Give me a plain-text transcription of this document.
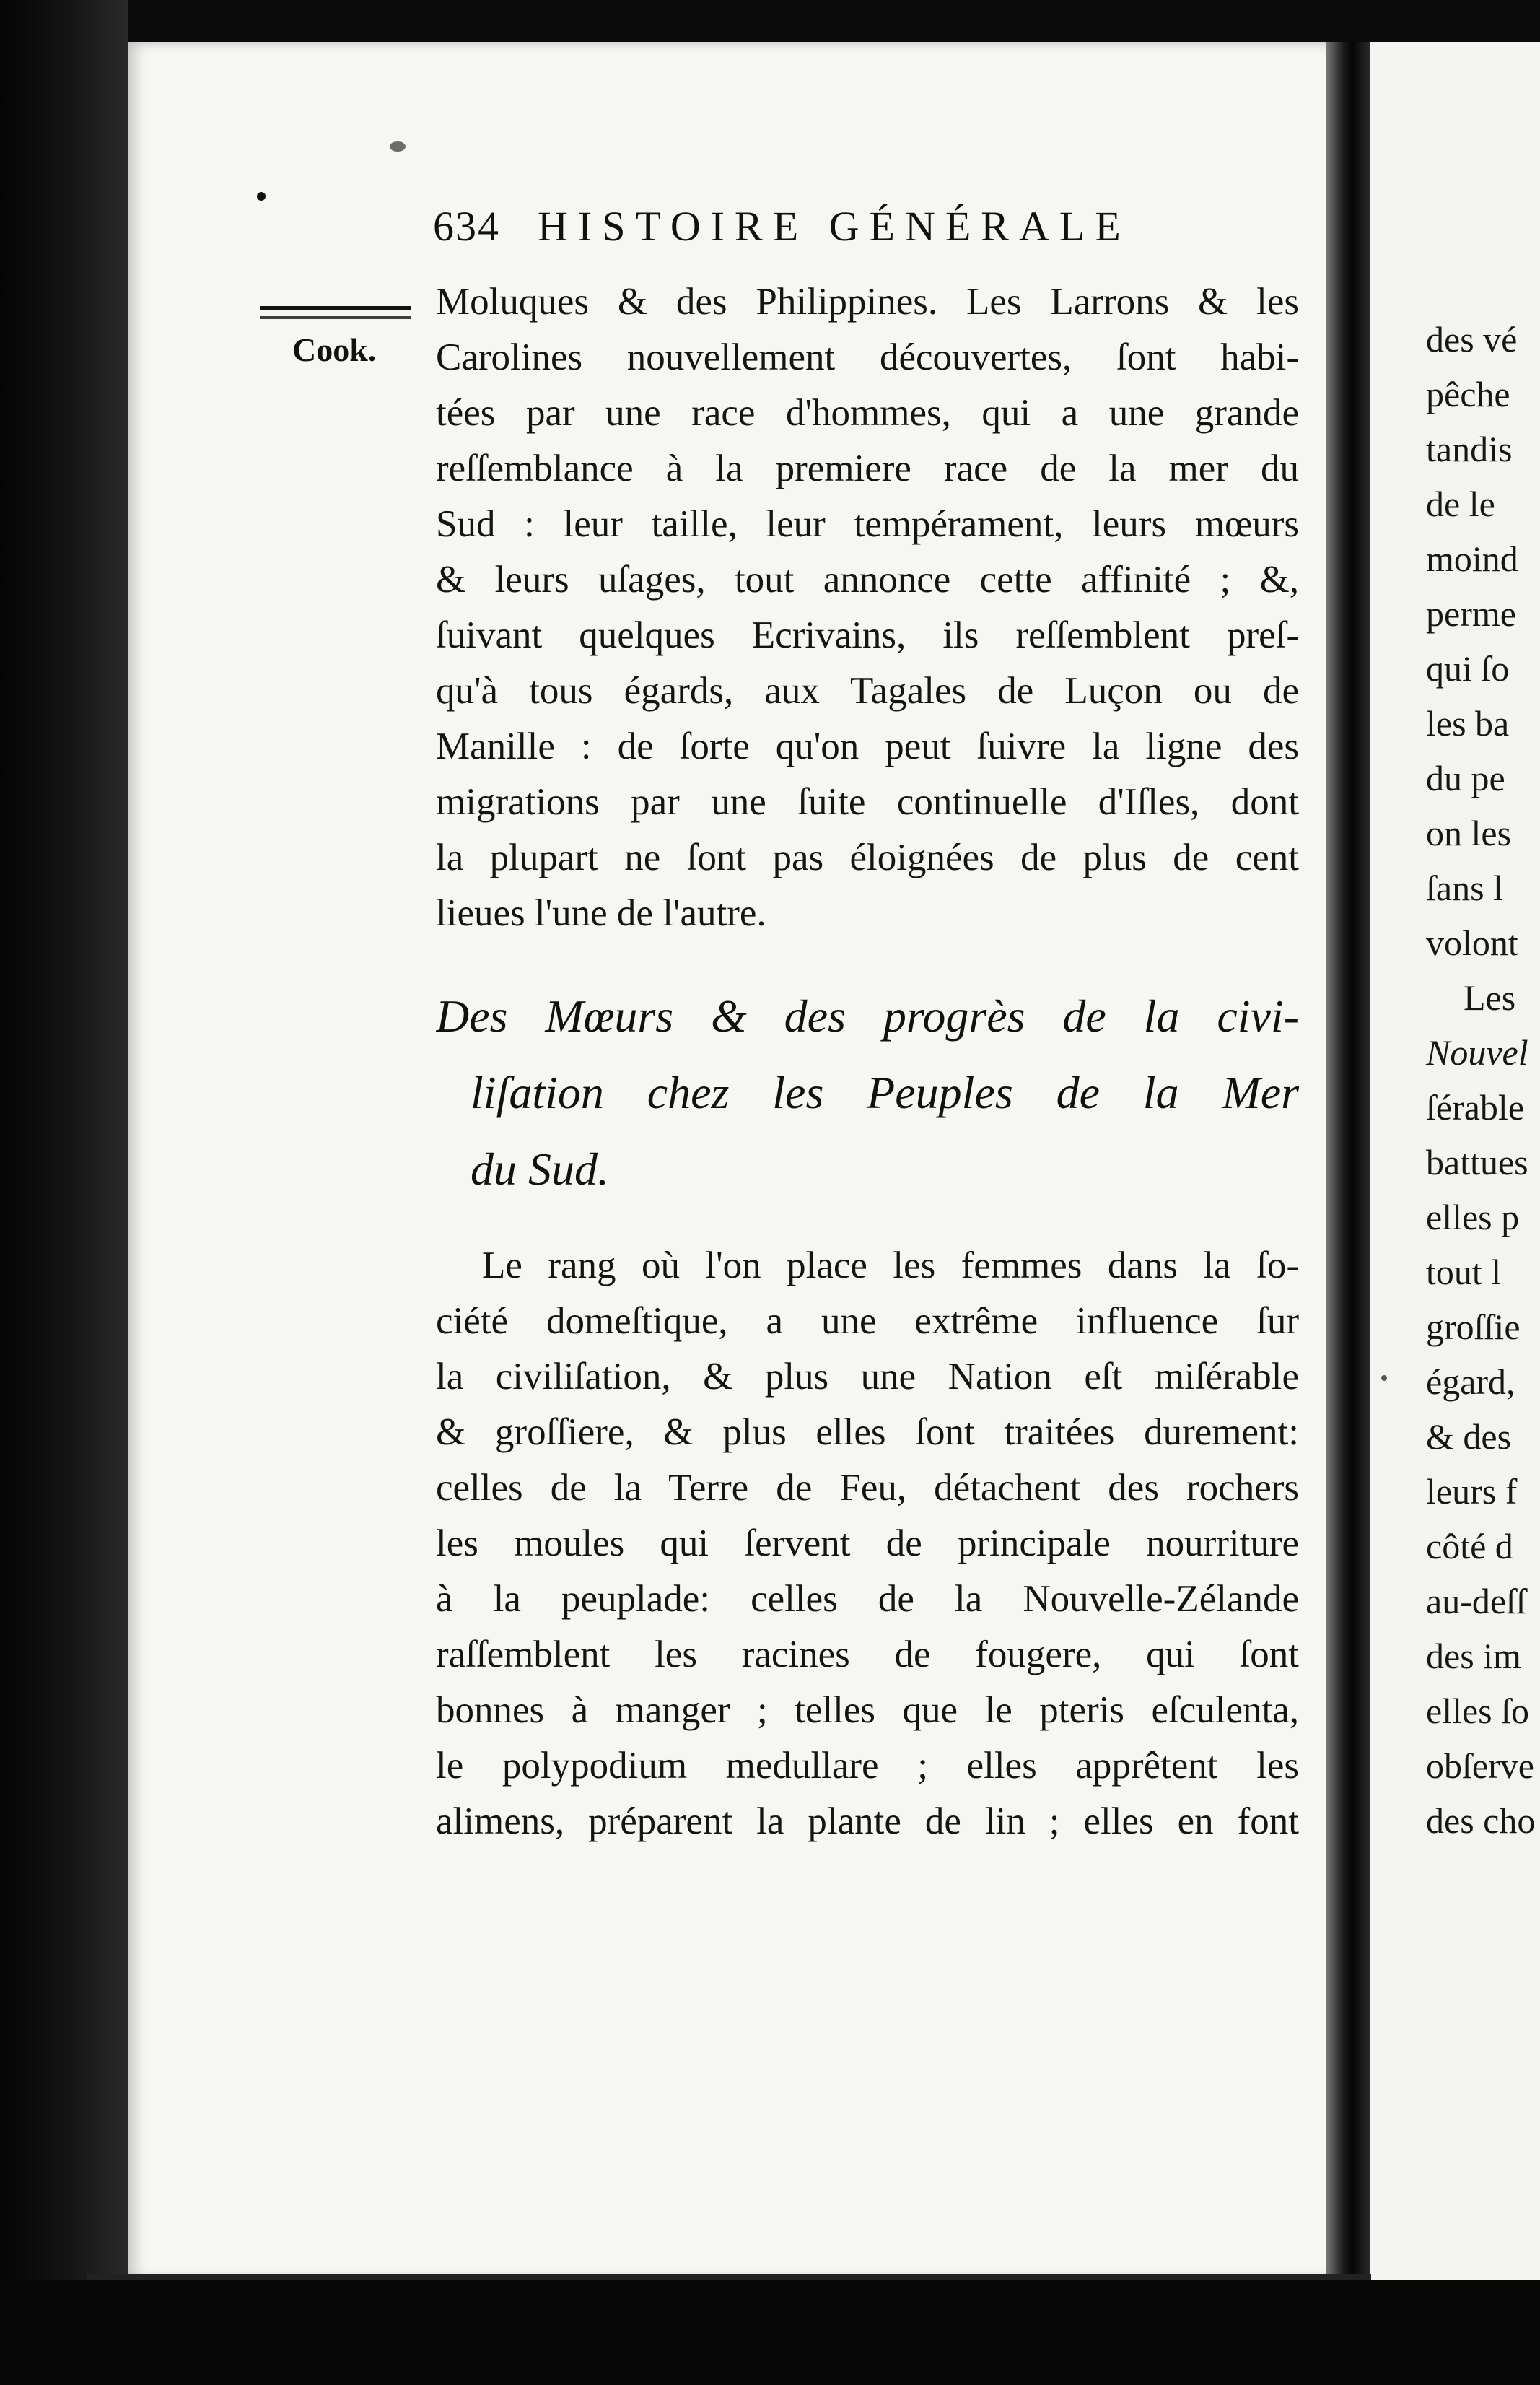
634 HISTOIRE GÉNÉRALE
Cook.
Moluques & des Philippines. Les Larrons & les
Carolines nouvellement découvertes, ſont habi-
tées par une race d'hommes, qui a une grande
reſſemblance à la premiere race de la mer du
Sud : leur taille, leur tempérament, leurs mœurs
& leurs uſages, tout annonce cette affinité ; &,
ſuivant quelques Ecrivains, ils reſſemblent preſ-
qu'à tous égards, aux Tagales de Luçon ou de
Manille : de ſorte qu'on peut ſuivre la ligne des
migrations par une ſuite continuelle d'Iſles, dont
la plupart ne ſont pas éloignées de plus de cent
lieues l'une de l'autre.
Des Mœurs & des progrès de la civi-
liſation chez les Peuples de la Mer
du Sud.
Le rang où l'on place les femmes dans la ſo-
ciété domeſtique, a une extrême influence ſur
la civiliſation, & plus une Nation eſt miſérable
& groſſiere, & plus elles ſont traitées durement:
celles de la Terre de Feu, détachent des rochers
les moules qui ſervent de principale nourriture
à la peuplade: celles de la Nouvelle-Zélande
raſſemblent les racines de fougere, qui ſont
bonnes à manger ; telles que le pteris eſculenta,
le polypodium medullare ; elles apprêtent les
alimens, préparent la plante de lin ; elles en font
des vé
pêche
tandis
de le
moind
perme
qui ſo
les ba
du pe
on les
ſans l
volont
Les
Nouvel
ſérable
battues
elles p
tout l
groſſie
égard,
& des
leurs f
côté d
au-deſſ
des im
elles ſo
obſerve
des cho
